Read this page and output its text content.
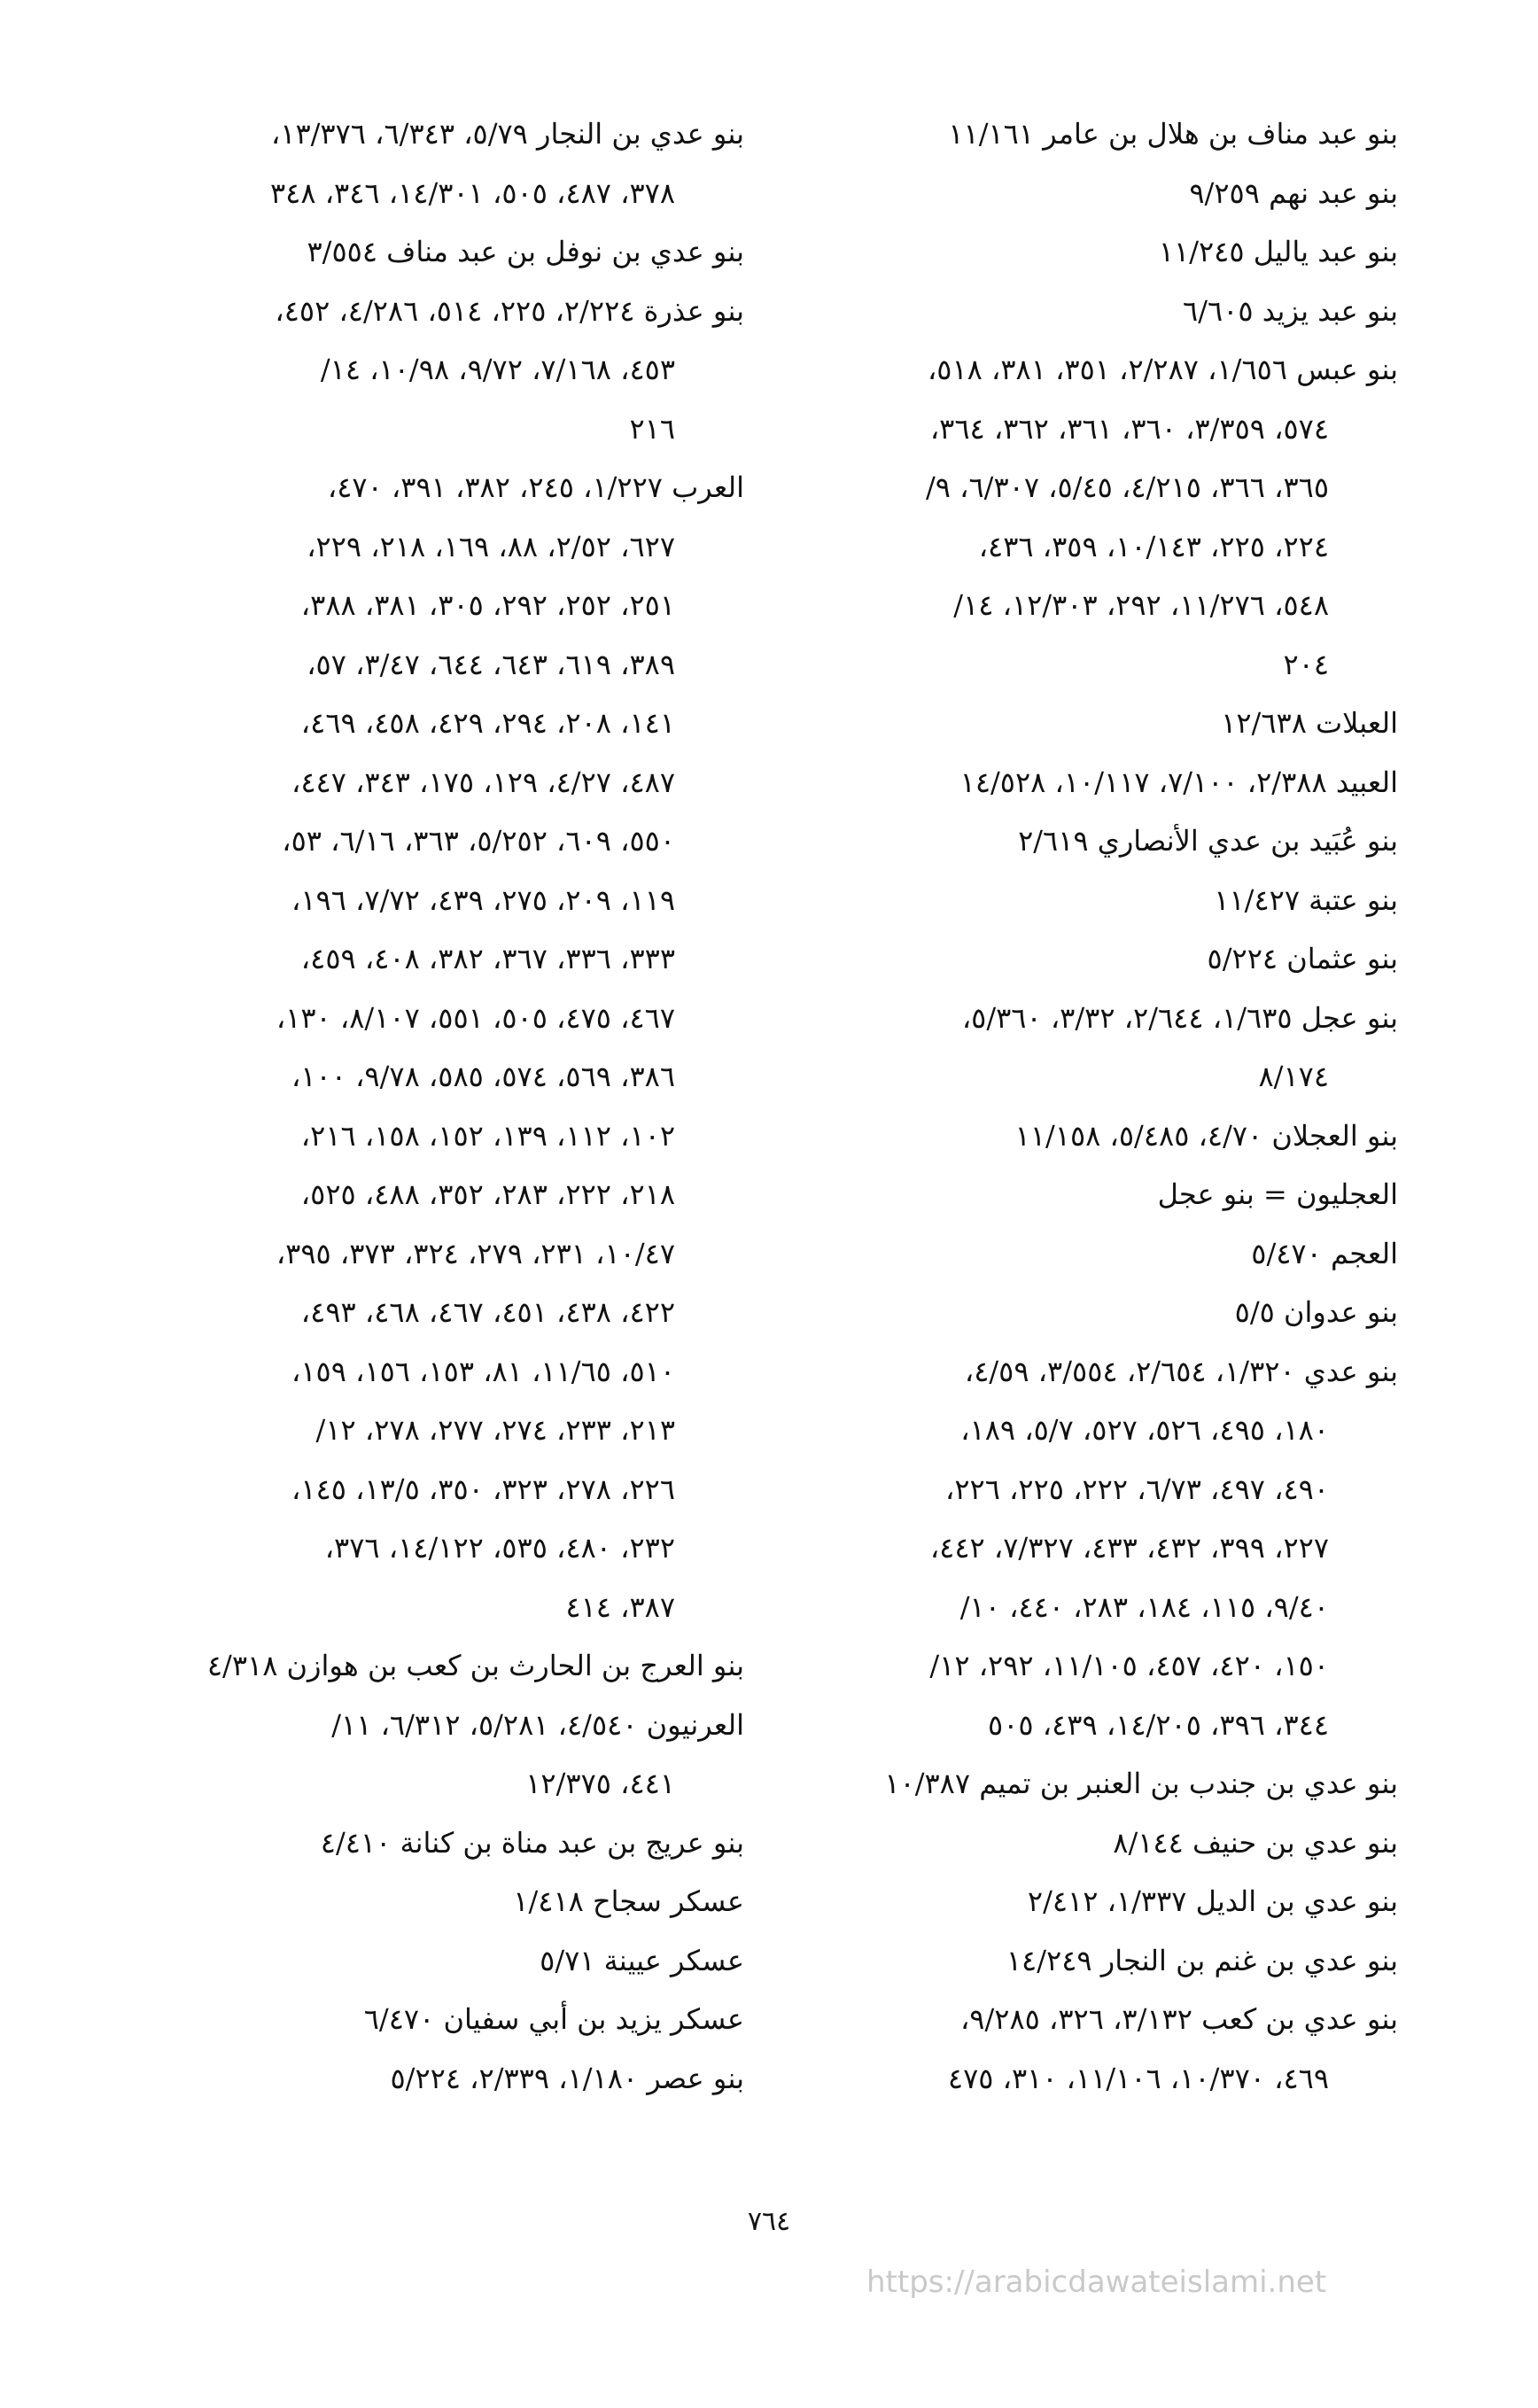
بنو عبد مناف بن هلال بن عامر ١١/١٦١
بنو عبد نهم ٩/٢٥٩
بنو عبد ياليل ١١/٢٤٥
بنو عبد يزيد ٦/٦٠٥
بنو عبس ١/٦٥٦، ٢/٢٨٧، ٣٥١، ٣٨١، ٥١٨،
٥٧٤، ٣/٣٥٩، ٣٦٠، ٣٦١، ٣٦٢، ٣٦٤،
٣٦٥، ٣٦٦، ٤/٢١٥، ٥/٤٥، ٦/٣٠٧، ٩/
٢٢٤، ٢٢٥، ١٠/١٤٣، ٣٥٩، ٤٣٦،
٥٤٨، ١١/٢٧٦، ٢٩٢، ١٢/٣٠٣، ١٤/
٢٠٤
العبلات ١٢/٦٣٨
العبيد ٢/٣٨٨، ٧/١٠٠، ١٠/١١٧، ١٤/٥٢٨
بنو عُبَيد بن عدي الأنصاري ٢/٦١٩
بنو عتبة ١١/٤٢٧
بنو عثمان ٥/٢٢٤
بنو عجل ١/٦٣٥، ٢/٦٤٤، ٣/٣٢، ٥/٣٦٠،
٨/١٧٤
بنو العجلان ٤/٧٠، ٥/٤٨٥، ١١/١٥٨
العجليون = بنو عجل
العجم ٥/٤٧٠
بنو عدوان ٥/٥
بنو عدي ١/٣٢٠، ٢/٦٥٤، ٣/٥٥٤، ٤/٥٩،
١٨٠، ٤٩٥، ٥٢٦، ٥٢٧، ٥/٧، ١٨٩،
٤٩٠، ٤٩٧، ٦/٧٣، ٢٢٢، ٢٢٥، ٢٢٦،
٢٢٧، ٣٩٩، ٤٣٢، ٤٣٣، ٧/٣٢٧، ٤٤٢،
٩/٤٠، ١١٥، ١٨٤، ٢٨٣، ٤٤٠، ١٠/
١٥٠، ٤٢٠، ٤٥٧، ١١/١٠٥، ٢٩٢، ١٢/
٣٤٤، ٣٩٦، ١٤/٢٠٥، ٤٣٩، ٥٠٥
بنو عدي بن جندب بن العنبر بن تميم ١٠/٣٨٧
بنو عدي بن حنيف ٨/١٤٤
بنو عدي بن الديل ١/٣٣٧، ٢/٤١٢
بنو عدي بن غنم بن النجار ١٤/٢٤٩
بنو عدي بن كعب ٣/١٣٢، ٣٢٦، ٩/٢٨٥،
٤٦٩، ١٠/٣٧٠، ١١/١٠٦، ٣١٠، ٤٧٥
بنو عدي بن النجار ٥/٧٩، ٦/٣٤٣، ١٣/٣٧٦،
٣٧٨، ٤٨٧، ٥٠٥، ١٤/٣٠١، ٣٤٦، ٣٤٨
بنو عدي بن نوفل بن عبد مناف ٣/٥٥٤
بنو عذرة ٢/٢٢٤، ٢٢٥، ٥١٤، ٤/٢٨٦، ٤٥٢،
٤٥٣، ٧/١٦٨، ٩/٧٢، ١٠/٩٨، ١٤/
٢١٦
العرب ١/٢٢٧، ٢٤٥، ٣٨٢، ٣٩١، ٤٧٠،
٦٢٧، ٢/٥٢، ٨٨، ١٦٩، ٢١٨، ٢٢٩،
٢٥١، ٢٥٢، ٢٩٢، ٣٠٥، ٣٨١، ٣٨٨،
٣٨٩، ٦١٩، ٦٤٣، ٦٤٤، ٣/٤٧، ٥٧،
١٤١، ٢٠٨، ٢٩٤، ٤٢٩، ٤٥٨، ٤٦٩،
٤٨٧، ٤/٢٧، ١٢٩، ١٧٥، ٣٤٣، ٤٤٧،
٥٥٠، ٦٠٩، ٥/٢٥٢، ٣٦٣، ٦/١٦، ٥٣،
١١٩، ٢٠٩، ٢٧٥، ٤٣٩، ٧/٧٢، ١٩٦،
٣٣٣، ٣٣٦، ٣٦٧، ٣٨٢، ٤٠٨، ٤٥٩،
٤٦٧، ٤٧٥، ٥٠٥، ٥٥١، ٨/١٠٧، ١٣٠،
٣٨٦، ٥٦٩، ٥٧٤، ٥٨٥، ٩/٧٨، ١٠٠،
١٠٢، ١١٢، ١٣٩، ١٥٢، ١٥٨، ٢١٦،
٢١٨، ٢٢٢، ٢٨٣، ٣٥٢، ٤٨٨، ٥٢٥،
١٠/٤٧، ٢٣١، ٢٧٩، ٣٢٤، ٣٧٣، ٣٩٥،
٤٢٢، ٤٣٨، ٤٥١، ٤٦٧، ٤٦٨، ٤٩٣،
٥١٠، ١١/٦٥، ٨١، ١٥٣، ١٥٦، ١٥٩،
٢١٣، ٢٣٣، ٢٧٤، ٢٧٧، ٢٧٨، ١٢/
٢٢٦، ٢٧٨، ٣٢٣، ٣٥٠، ١٣/٥، ١٤٥،
٢٣٢، ٤٨٠، ٥٣٥، ١٤/١٢٢، ٣٧٦،
٣٨٧، ٤١٤
بنو العرج بن الحارث بن كعب بن هوازن ٤/٣١٨
العرنيون ٤/٥٤٠، ٥/٢٨١، ٦/٣١٢، ١١/
٤٤١، ١٢/٣٧٥
بنو عريج بن عبد مناة بن كنانة ٤/٤١٠
عسكر سجاح ١/٤١٨
عسكر عيينة ٥/٧١
عسكر يزيد بن أبي سفيان ٦/٤٧٠
بنو عصر ١/١٨٠، ٢/٣٣٩، ٥/٢٢٤
٧٦٤
https://arabicdawateislami.net
